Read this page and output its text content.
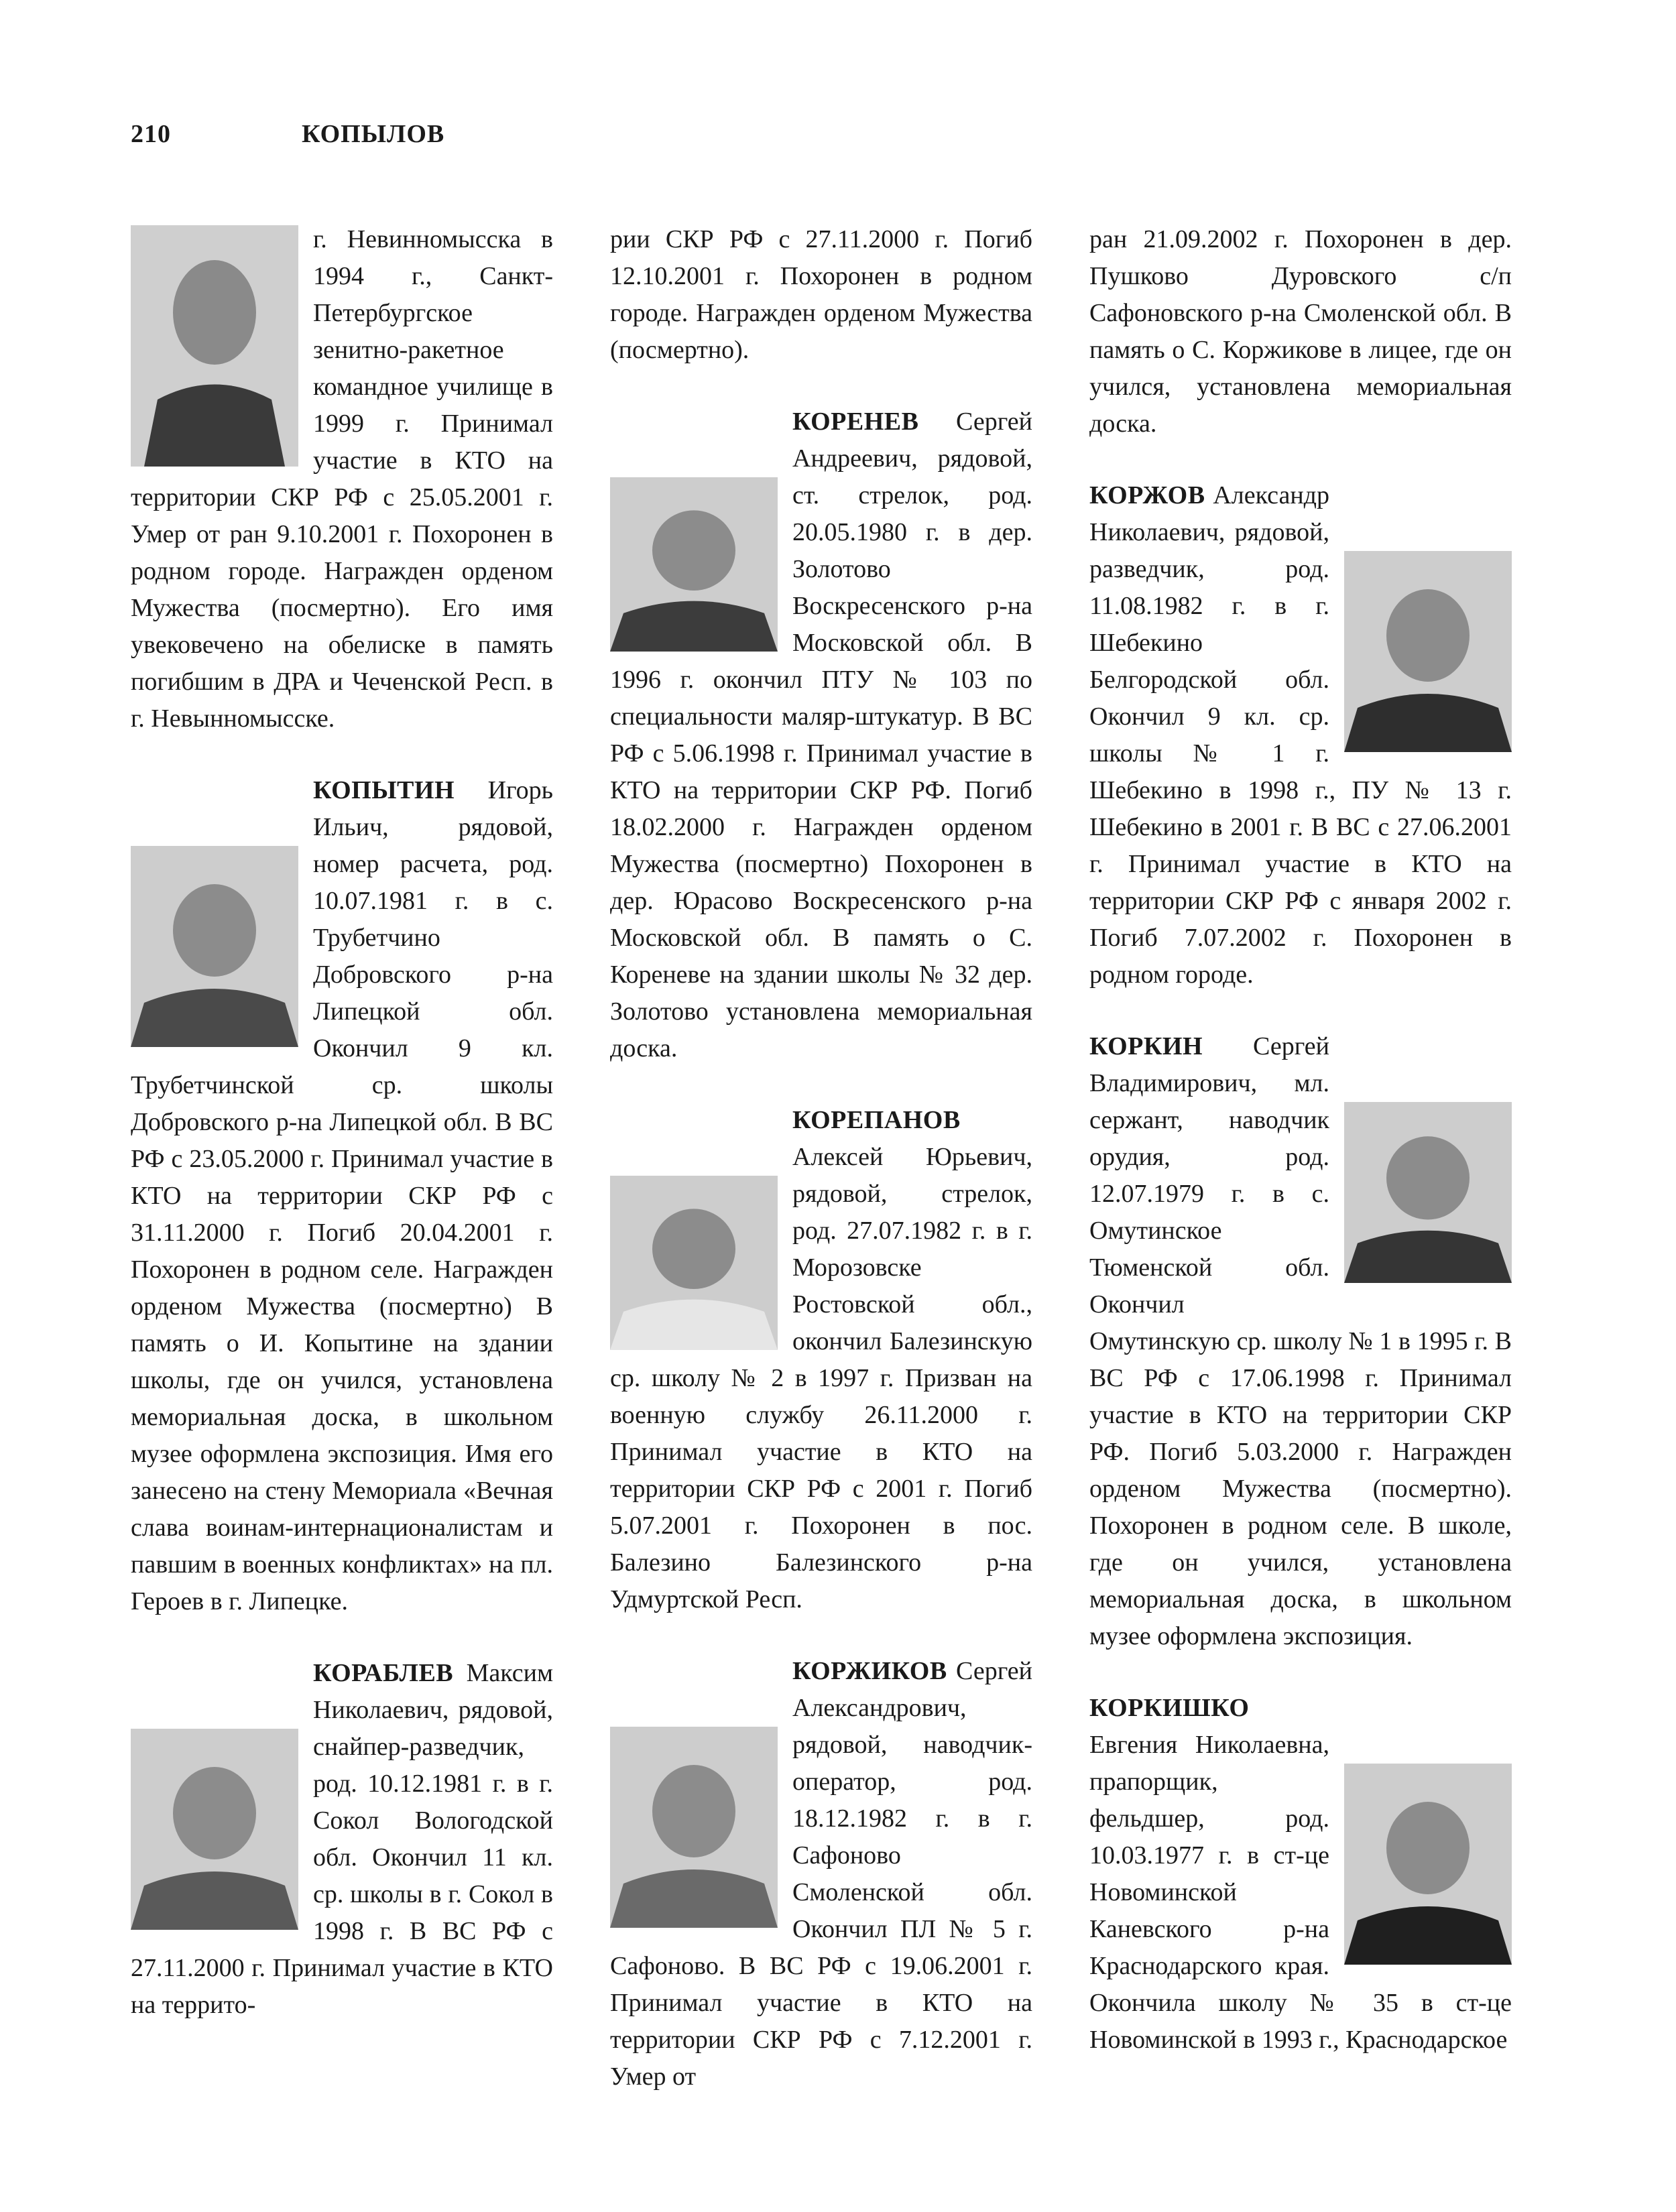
210	КОПЫЛОВ

г. Невинномысска в 1994 г., Санкт-Петербургское зенитно-ракетное командное училище в 1999 г. Принимал участие в КТО на территории СКР РФ с 25.05.2001 г. Умер от ран 9.10.2001 г. Похоронен в родном городе. Награжден орденом Мужества (посмертно). Его имя увековечено на обелиске в память погибшим в ДРА и Чеченской Респ. в г. Невынномысске.

КОПЫТИН Игорь Ильич, рядовой, номер расчета, род. 10.07.1981 г. в с. Трубетчино Добровского р-на Липецкой обл. Окончил 9 кл. Трубетчинской ср. школы Добровского р-на Липецкой обл. В ВС РФ с 23.05.2000 г. Принимал участие в КТО на территории СКР РФ с 31.11.2000 г. Погиб 20.04.2001 г. Похоронен в родном селе. Награжден орденом Мужества (посмертно) В память о И. Копытине на здании школы, где он учился, установлена мемориальная доска, в школьном музее оформлена экспозиция. Имя его занесено на стену Мемориала «Вечная слава воинам-интернационалистам и павшим в военных конфликтах» на пл. Героев в г. Липецке.

КОРАБЛЕВ Максим Николаевич, рядовой, снайпер-разведчик, род. 10.12.1981 г. в г. Сокол Вологодской обл. Окончил 11 кл. ср. школы в г. Сокол в 1998 г. В ВС РФ с 27.11.2000 г. Принимал участие в КТО на террито-

рии СКР РФ с 27.11.2000 г. Погиб 12.10.2001 г. Похоронен в родном городе. Награжден орденом Мужества (посмертно).

КОРЕНЕВ Сергей Андреевич, рядовой, ст. стрелок, род. 20.05.1980 г. в дер. Золотово Воскресенского р-на Московской обл. В 1996 г. окончил ПТУ № 103 по специальности маляр-штукатур. В ВС РФ с 5.06.1998 г. Принимал участие в КТО на территории СКР РФ. Погиб 18.02.2000 г. Награжден орденом Мужества (посмертно) Похоронен в дер. Юрасово Воскресенского р-на Московской обл. В память о С. Кореневе на здании школы № 32 дер. Золотово установлена мемориальная доска.

КОРЕПАНОВ Алексей Юрьевич, рядовой, стрелок, род. 27.07.1982 г. в г. Морозовске Ростовской обл., окончил Балезинскую ср. школу № 2 в 1997 г. Призван на военную службу 26.11.2000 г. Принимал участие в КТО на территории СКР РФ с 2001 г. Погиб 5.07.2001 г. Похоронен в пос. Балезино Балезинского р-на Удмуртской Респ.

КОРЖИКОВ Сергей Александрович, рядовой, наводчик-оператор, род. 18.12.1982 г. в г. Сафоново Смоленской обл. Окончил ПЛ № 5 г. Сафоново. В ВС РФ с 19.06.2001 г. Принимал участие в КТО на территории СКР РФ с 7.12.2001 г. Умер от

ран 21.09.2002 г. Похоронен в дер. Пушково Дуровского с/п Сафоновского р-на Смоленской обл. В память о С. Коржикове в лицее, где он учился, установлена мемориальная доска.

КОРЖОВ Александр Николаевич, рядовой, разведчик, род. 11.08.1982 г. в г. Шебекино Белгородской обл. Окончил 9 кл. ср. школы № 1 г. Шебекино в 1998 г., ПУ № 13 г. Шебекино в 2001 г. В ВС с 27.06.2001 г. Принимал участие в КТО на территории СКР РФ с января 2002 г. Погиб 7.07.2002 г. Похоронен в родном городе.

КОРКИН Сергей Владимирович, мл. сержант, наводчик орудия, род. 12.07.1979 г. в с. Омутинское Тюменской обл. Окончил Омутинскую ср. школу № 1 в 1995 г. В ВС РФ с 17.06.1998 г. Принимал участие в КТО на территории СКР РФ. Погиб 5.03.2000 г. Награжден орденом Мужества (посмертно). Похоронен в родном селе. В школе, где он учился, установлена мемориальная доска, в школьном музее оформлена экспозиция.

КОРКИШКО Евгения Николаевна, прапорщик, фельдшер, род. 10.03.1977 г. в ст-це Новоминской Каневского р-на Краснодарского края. Окончила школу № 35 в ст-це Новоминской в 1993 г., Краснодарское
